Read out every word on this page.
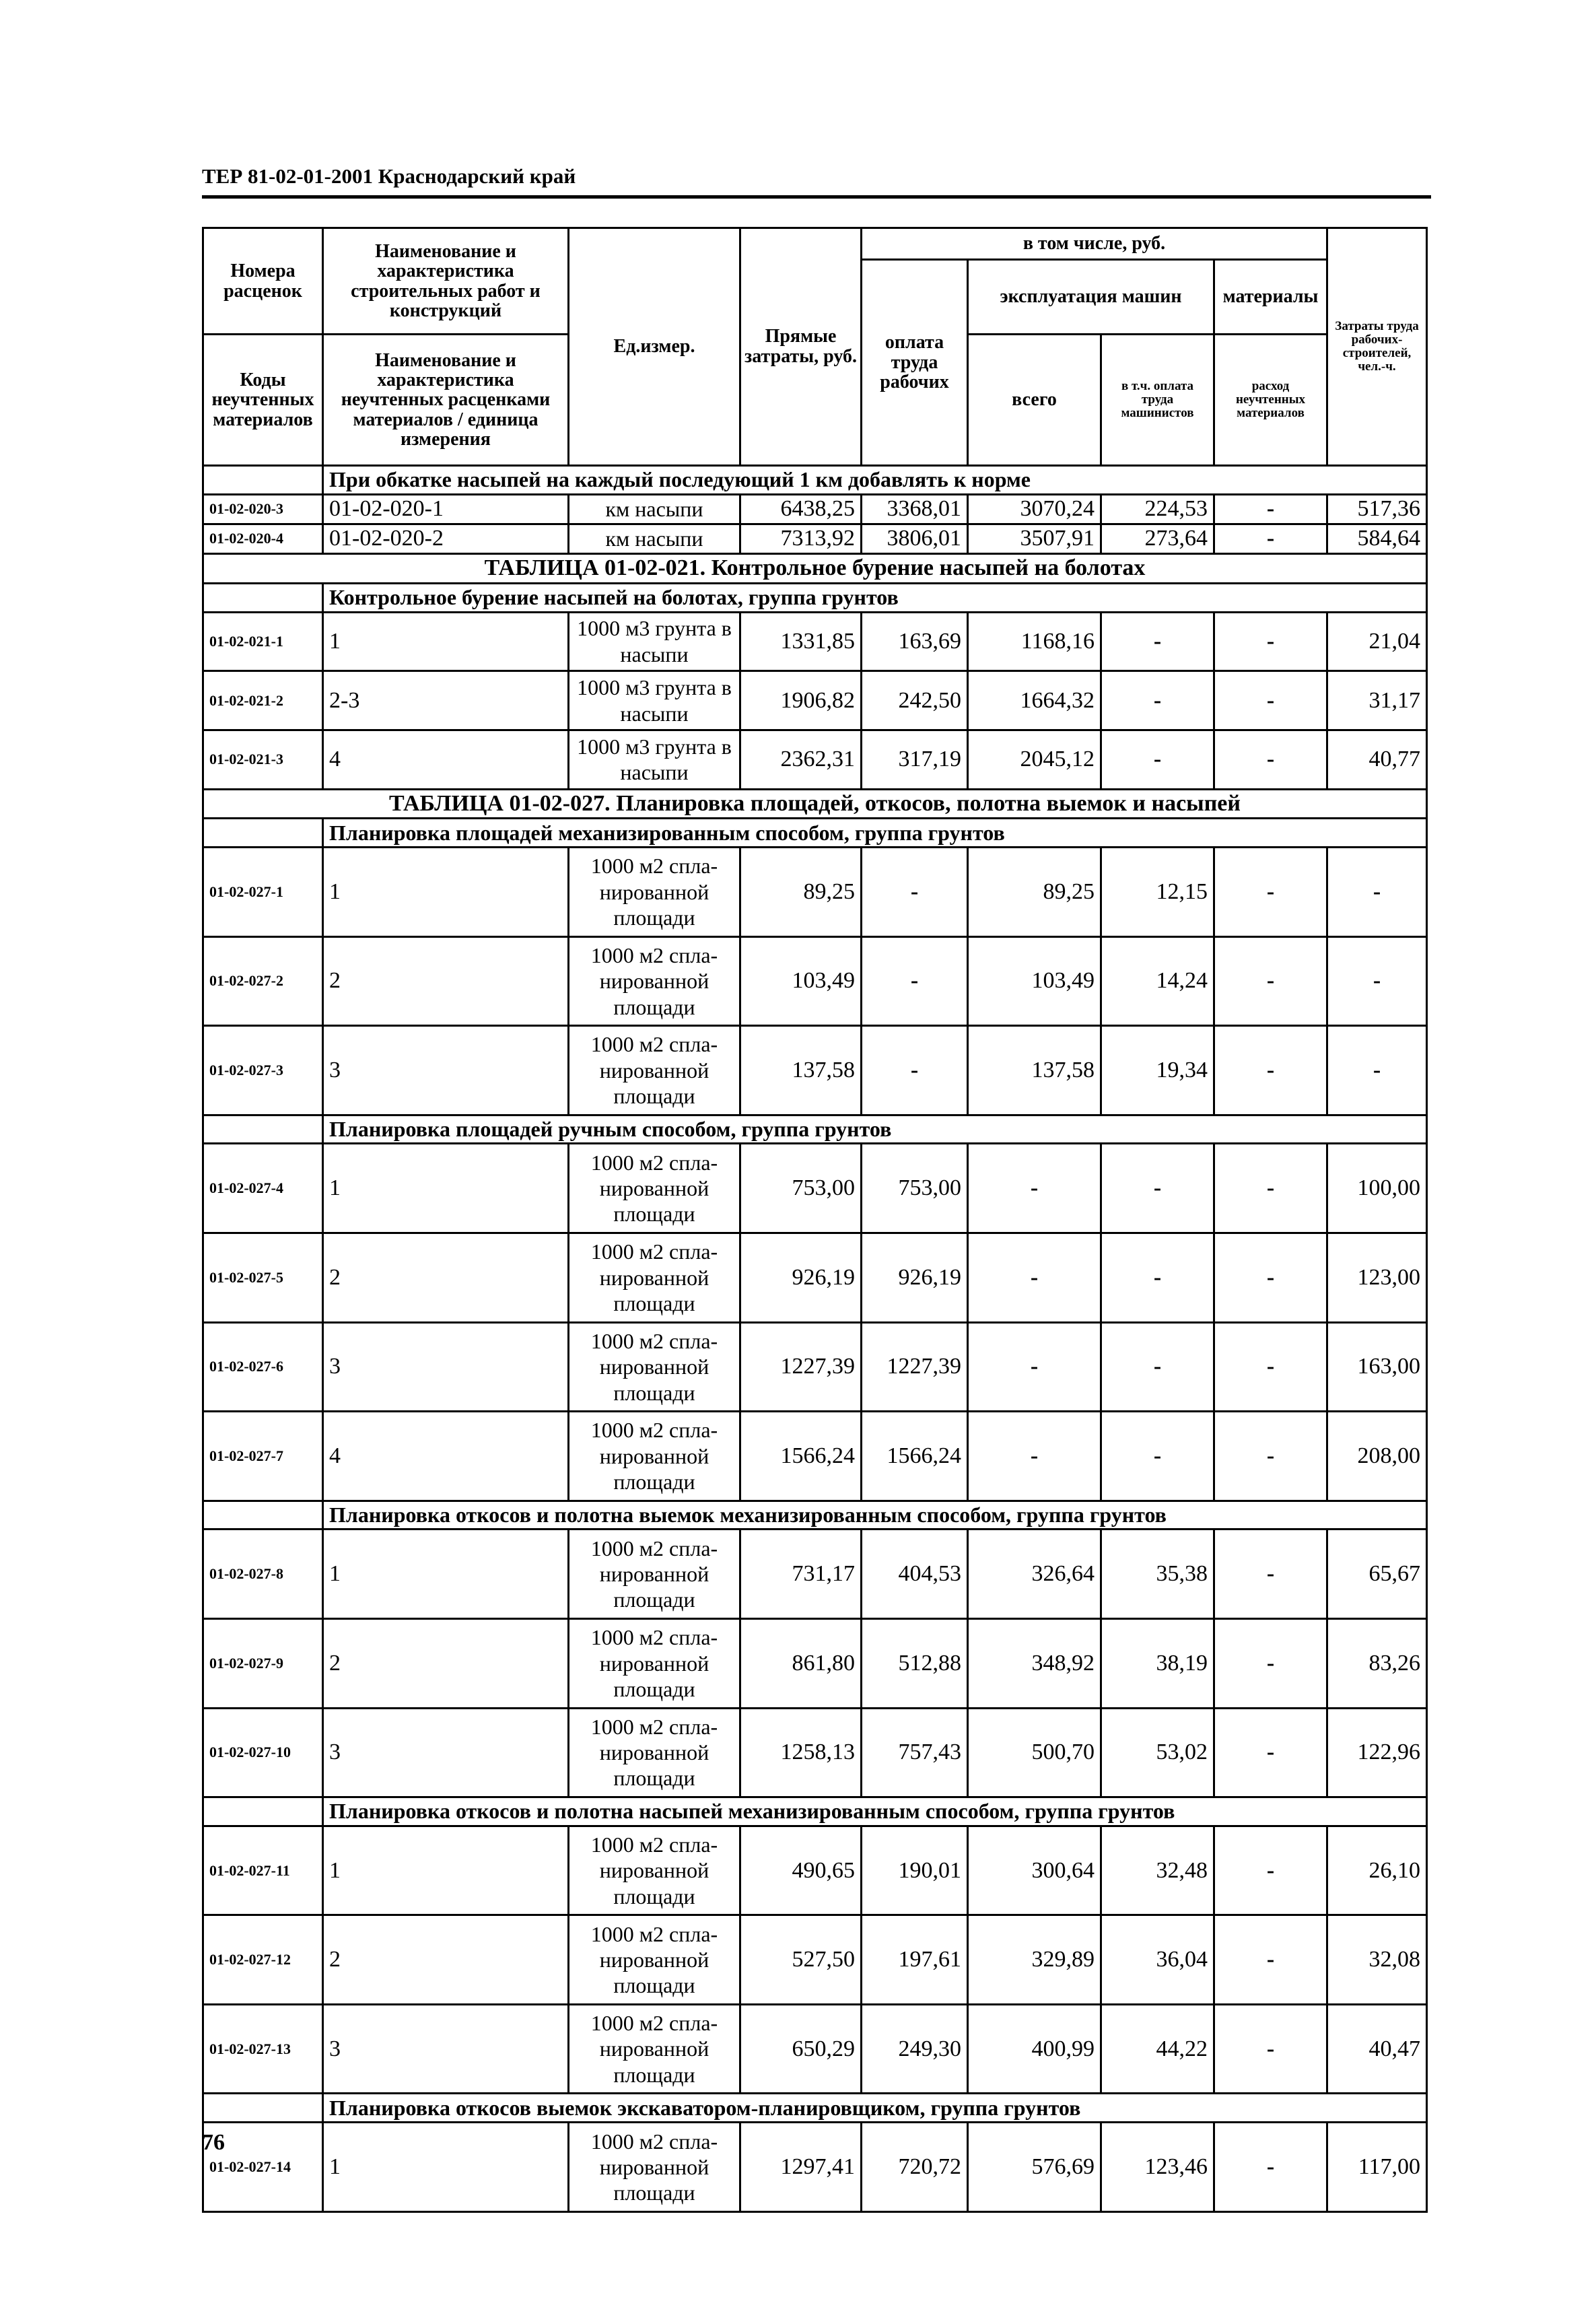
ТЕР 81-02-01-2001 Краснодарский край
Номера расценок	Наименование и характеристика строительных работ и конструкций	Ед.измер.	Прямые затраты, руб.	в том числе, руб.				Затраты труда рабочих-строителей, чел.-ч.
				оплата труда рабочих	эксплуатация машин		материалы	
Коды неучтенных материалов	Наименование и характеристика неучтенных расценками материалов / единица измерения				всего	в т.ч. оплата труда машинистов	расход неучтенных материалов	

	При обкатке насыпей на каждый последующий 1 км добавлять к норме							
01-02-020-3	01-02-020-1	км насыпи	6438,25	3368,01	3070,24	224,53	-	517,36
01-02-020-4	01-02-020-2	км насыпи	7313,92	3806,01	3507,91	273,64	-	584,64
ТАБЛИЦА 01-02-021. Контрольное бурение насыпей на болотах								
	Контрольное бурение насыпей на болотах, группа грунтов							
01-02-021-1	1	1000 м3 грунта в насыпи	1331,85	163,69	1168,16	-	-	21,04
01-02-021-2	2-3	1000 м3 грунта в насыпи	1906,82	242,50	1664,32	-	-	31,17
01-02-021-3	4	1000 м3 грунта в насыпи	2362,31	317,19	2045,12	-	-	40,77
ТАБЛИЦА 01-02-027. Планировка площадей, откосов, полотна выемок и насыпей								
	Планировка площадей механизированным способом, группа грунтов							
01-02-027-1	1	1000 м2 спла- нированной площади	89,25	-	89,25	12,15	-	-
01-02-027-2	2	1000 м2 спла- нированной площади	103,49	-	103,49	14,24	-	-
01-02-027-3	3	1000 м2 спла- нированной площади	137,58	-	137,58	19,34	-	-
	Планировка площадей ручным способом, группа грунтов							
01-02-027-4	1	1000 м2 спла- нированной площади	753,00	753,00	-	-	-	100,00
01-02-027-5	2	1000 м2 спла- нированной площади	926,19	926,19	-	-	-	123,00
01-02-027-6	3	1000 м2 спла- нированной площади	1227,39	1227,39	-	-	-	163,00
01-02-027-7	4	1000 м2 спла- нированной площади	1566,24	1566,24	-	-	-	208,00
	Планировка откосов и полотна выемок механизированным способом, группа грунтов							
01-02-027-8	1	1000 м2 спла- нированной площади	731,17	404,53	326,64	35,38	-	65,67
01-02-027-9	2	1000 м2 спла- нированной площади	861,80	512,88	348,92	38,19	-	83,26
01-02-027-10	3	1000 м2 спла- нированной площади	1258,13	757,43	500,70	53,02	-	122,96
	Планировка откосов и полотна насыпей механизированным способом, группа грунтов							
01-02-027-11	1	1000 м2 спла- нированной площади	490,65	190,01	300,64	32,48	-	26,10
01-02-027-12	2	1000 м2 спла- нированной площади	527,50	197,61	329,89	36,04	-	32,08
01-02-027-13	3	1000 м2 спла- нированной площади	650,29	249,30	400,99	44,22	-	40,47
	Планировка откосов выемок экскаватором-планировщиком, группа грунтов							
01-02-027-14	1	1000 м2 спла- нированной площади	1297,41	720,72	576,69	123,46	-	117,00
76
